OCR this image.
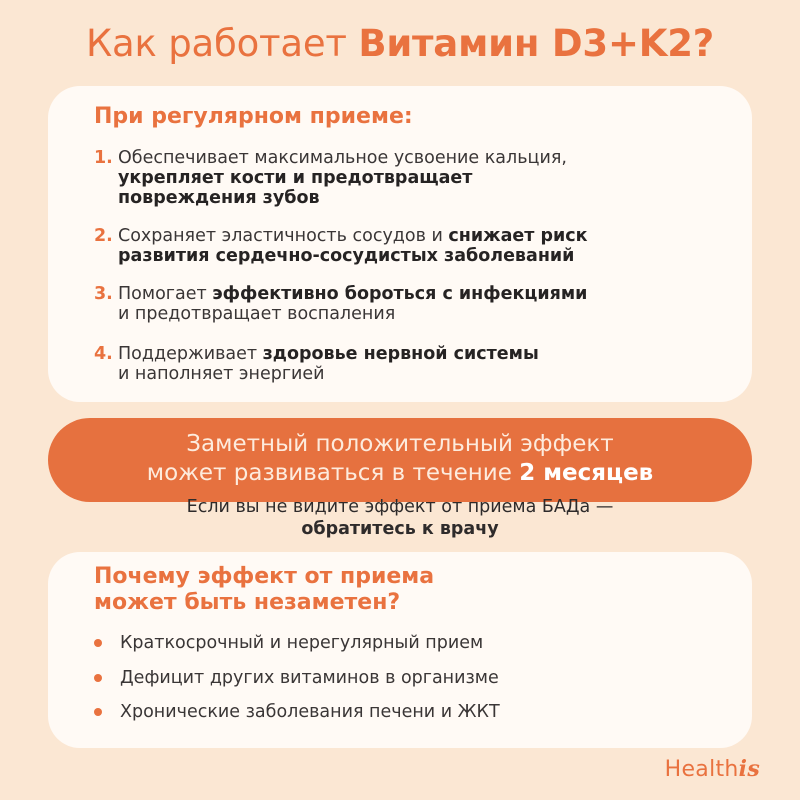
Как работает Витамин D3+K2?
При регулярном приеме:
1. Обеспечивает максимальное усвоение кальция,
укрепляет кости и предотвращает
повреждения зубов
2. Сохраняет эластичность сосудов и снижает риск
развития сердечно-сосудистых заболеваний
3. Помогает эффективно бороться с инфекциями
и предотвращает воспаления
4. Поддерживает здоровье нервной системы
и наполняет энергией
Заметный положительный эффект
может развиваться в течение 2 месяцев
Если вы не видите эффект от приема БАДа —
обратитесь к врачу
Почему эффект от приема
может быть незаметен?
Краткосрочный и нерегулярный прием
Дефицит других витаминов в организме
Хронические заболевания печени и ЖКТ
Healthis
